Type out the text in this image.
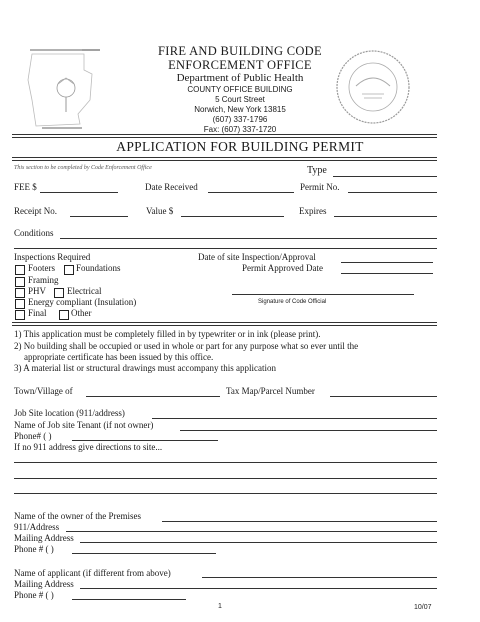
FIRE AND BUILDING CODE
ENFORCEMENT OFFICE
Department of Public Health
COUNTY OFFICE BUILDING
5 Court Street
Norwich, New York 13815
(607) 337-1796
Fax: (607) 337-1720
APPLICATION FOR BUILDING PERMIT
This section to be completed by Code Enforcement Office	Type
FEE $	Date Received	Permit No.
Receipt No.	Value $	Expires
Conditions
Inspections Required
Footers Foundations
Framing
PHV Electrical
Energy compliant (Insulation)
Final	Other
Date of site Inspection/Approval
Permit Approved Date
Signature of Code Official
1) This application must be completely filled in by typewriter or in ink (please print).
2) No building shall be occupied or used in whole or part for any purpose what so ever until the
appropriate certificate has been issued by this office.
3) A material list or structural drawings must accompany this application
Town/Village of	Tax Map/Parcel Number
Job Site location (911/address)
Name of Job site Tenant (if not owner)
Phone# ( )
If no 911 address give directions to site...
Name of the owner of the Premises
911/Address
Mailing Address
Phone # ( )
Name of applicant (if different from above)
Mailing Address
Phone # ( )
1	10/07
